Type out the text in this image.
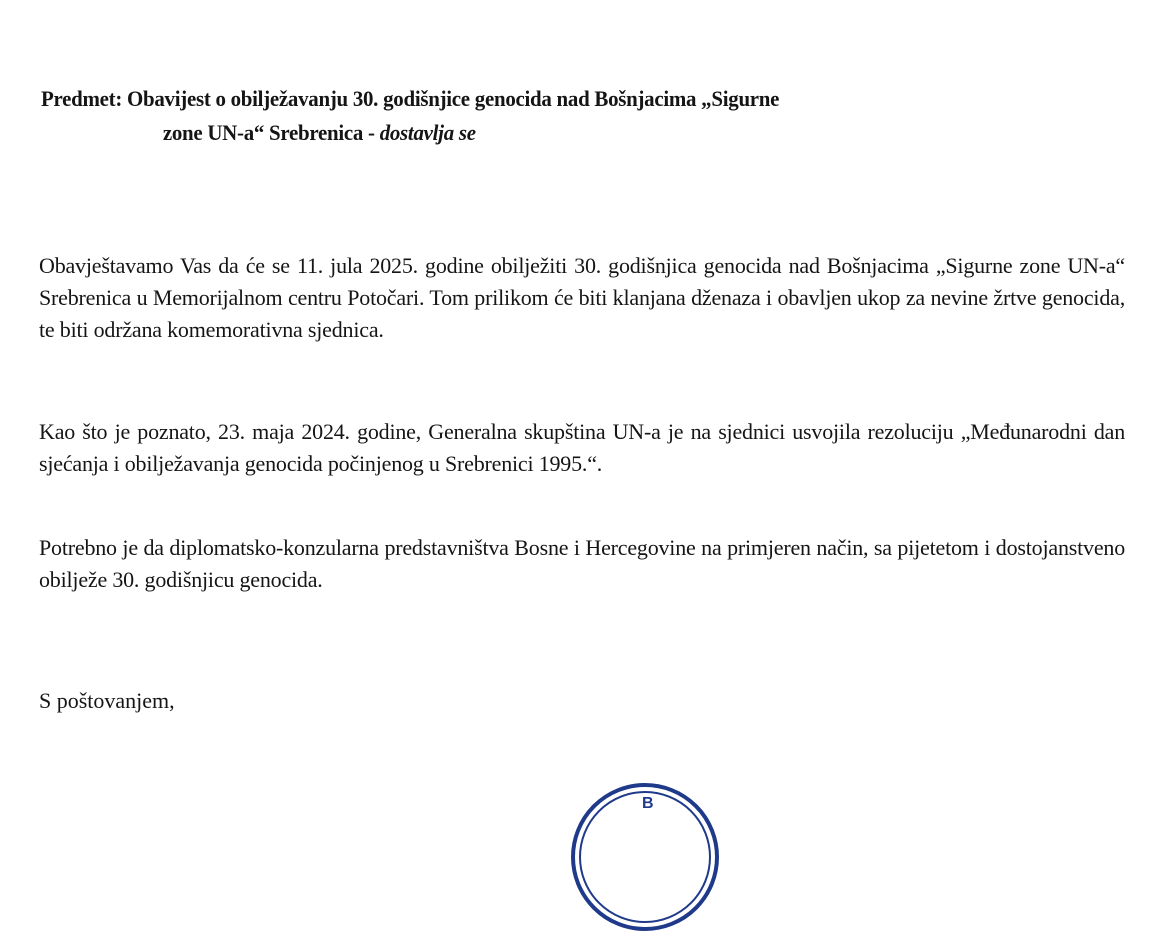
Predmet: Obavijest o obilježavanju 30. godišnjice genocida nad Bošnjacima „Sigurne
zone UN-a“ Srebrenica - dostavlja se
Obavještavamo Vas da će se 11. jula 2025. godine obilježiti 30. godišnjica genocida nad Bošnjacima „Sigurne zone UN-a“ Srebrenica u Memorijalnom centru Potočari. Tom prilikom će biti klanjana dženaza i obavljen ukop za nevine žrtve genocida, te biti održana komemorativna sjednica.
Kao što je poznato, 23. maja 2024. godine, Generalna skupština UN-a je na sjednici usvojila rezoluciju „Međunarodni dan sjećanja i obilježavanja genocida počinjenog u Srebrenici 1995.“.
Potrebno je da diplomatsko-konzularna predstavništva Bosne i Hercegovine na primjeren način, sa pijetetom i dostojanstveno obilježe 30. godišnjicu genocida.
S poštovanjem,
B
